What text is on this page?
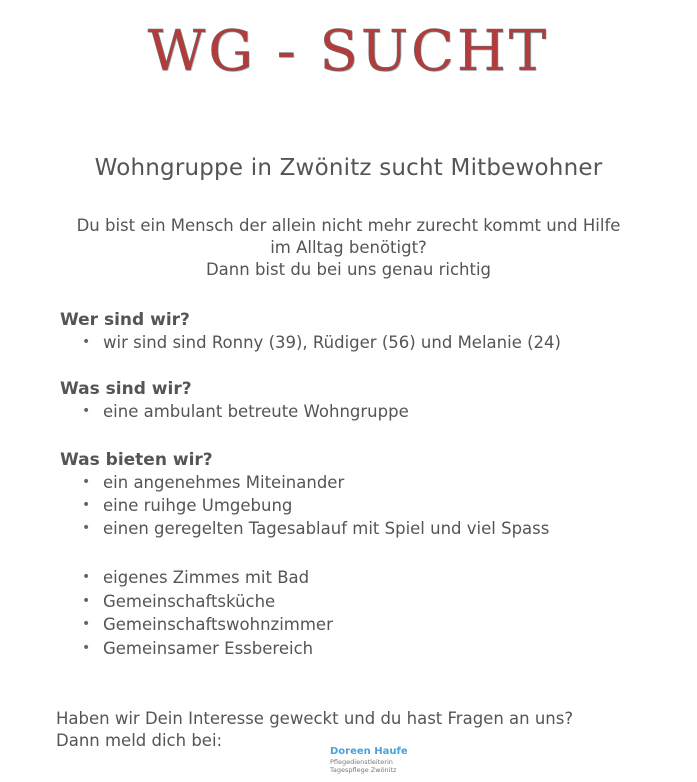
WG - SUCHT
Wohngruppe in Zwönitz sucht Mitbewohner
Du bist ein Mensch der allein nicht mehr zurecht kommt und Hilfe
im Alltag benötigt?
Dann bist du bei uns genau richtig
Wer sind wir?
• wir sind sind Ronny (39), Rüdiger (56) und Melanie (24)
Was sind wir?
• eine ambulant betreute Wohngruppe
Was bieten wir?
• ein angenehmes Miteinander
• eine ruihge Umgebung
• einen geregelten Tagesablauf mit Spiel und viel Spass
• eigenes Zimmes mit Bad
• Gemeinschaftsküche
• Gemeinschaftswohnzimmer
• Gemeinsamer Essbereich
Haben wir Dein Interesse geweckt und du hast Fragen an uns?
Dann meld dich bei:
Doreen Haufe
Pflegedienstleiterin
Tagespflege Zwönitz
